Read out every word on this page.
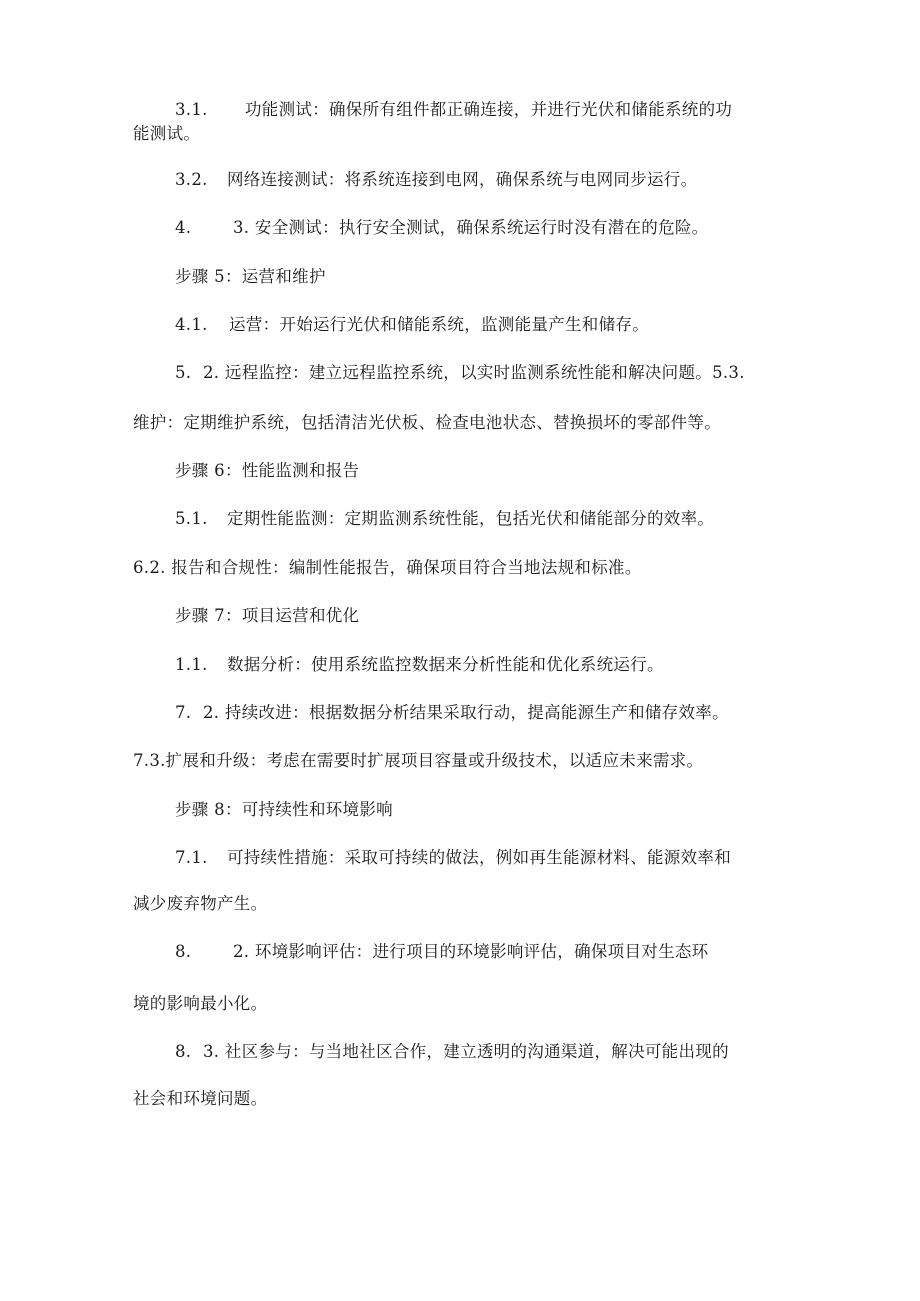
3.1. 功能测试：确保所有组件都正确连接，并进行光伏和储能系统的功
能测试。
3.2. 网络连接测试：将系统连接到电网，确保系统与电网同步运行。
4.	3. 安全测试：执行安全测试，确保系统运行时没有潜在的危险。
步骤 5：运营和维护
4.1. 运营：开始运行光伏和储能系统，监测能量产生和储存。
5. 2. 远程监控：建立远程监控系统，以实时监测系统性能和解决问题。5.3.
维护：定期维护系统，包括清洁光伏板、检查电池状态、替换损坏的零部件等。
步骤 6：性能监测和报告
5.1. 定期性能监测：定期监测系统性能，包括光伏和储能部分的效率。
6.2. 报告和合规性：编制性能报告，确保项目符合当地法规和标准。
步骤 7：项目运营和优化
1.1. 数据分析：使用系统监控数据来分析性能和优化系统运行。
7. 2. 持续改进：根据数据分析结果采取行动，提高能源生产和储存效率。
7.3.扩展和升级：考虑在需要时扩展项目容量或升级技术，以适应未来需求。
步骤 8：可持续性和环境影响
7.1. 可持续性措施：采取可持续的做法，例如再生能源材料、能源效率和
减少废弃物产生。
8.	2. 环境影响评估：进行项目的环境影响评估，确保项目对生态环
境的影响最小化。
8. 3. 社区参与：与当地社区合作，建立透明的沟通渠道，解决可能出现的
社会和环境问题。
